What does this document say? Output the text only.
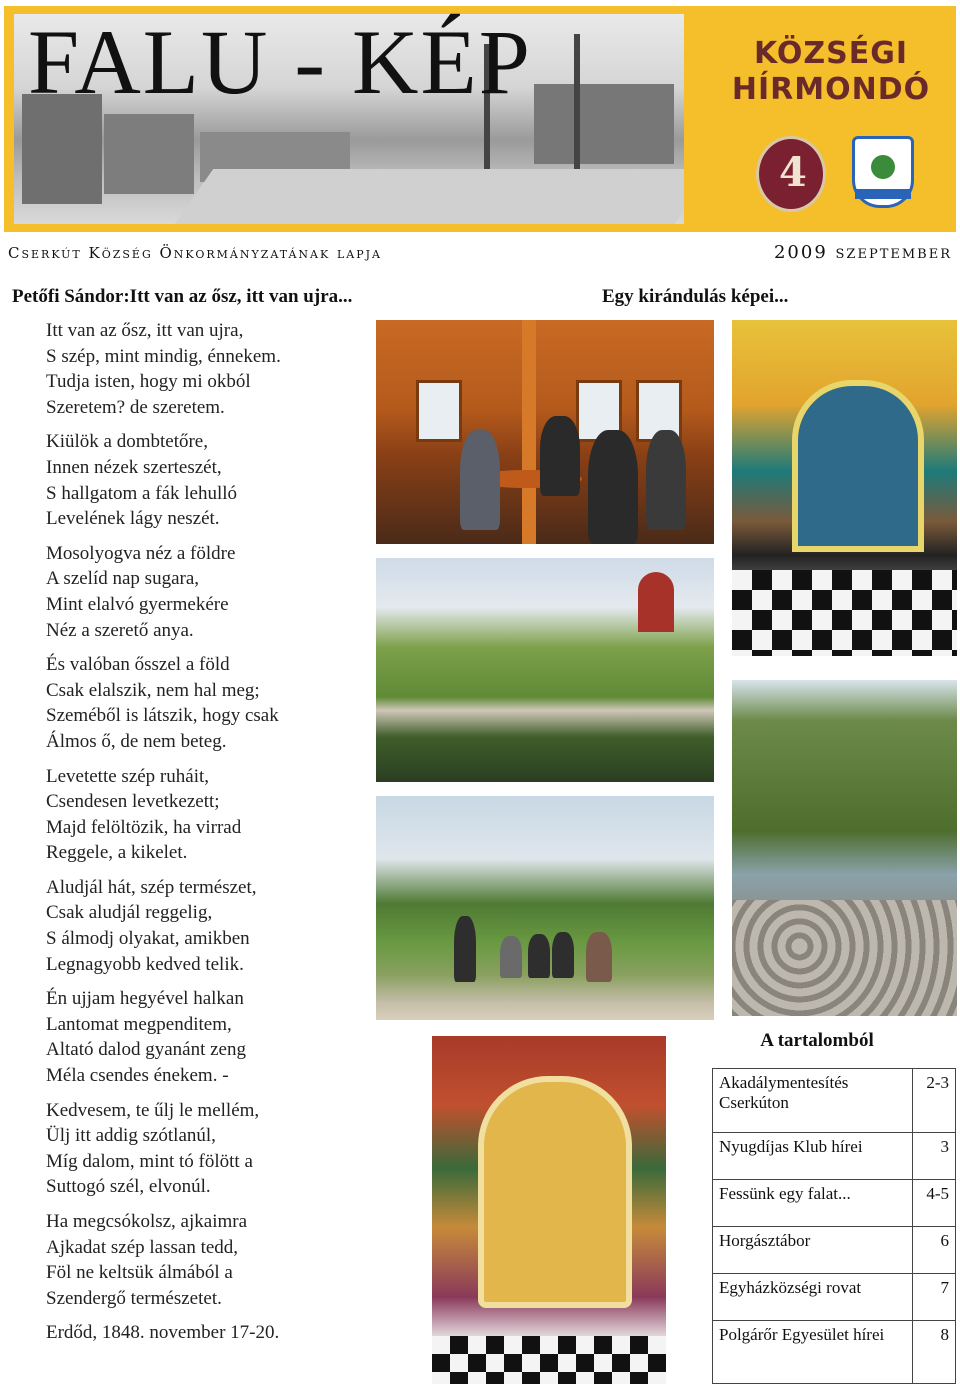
FALU - KÉP	KÖZSÉGI
HÍRMONDÓ
4
Cserkút Község Önkormányzatának lapja	2009 SZEPTEMBER
Petőfi Sándor:Itt van az ősz, itt van ujra...	Egy kirándulás képei...
Itt van az ősz, itt van ujra,
S szép, mint mindig, énnekem.
Tudja isten, hogy mi okból
Szeretem? de szeretem.
Kiülök a dombtetőre,
Innen nézek szerteszét,
S hallgatom a fák lehulló
Levelének lágy neszét.
Mosolyogva néz a földre
A szelíd nap sugara,
Mint elalvó gyermekére
Néz a szerető anya.
És valóban ősszel a föld
Csak elalszik, nem hal meg;
Szeméből is látszik, hogy csak
Álmos ő, de nem beteg.
Levetette szép ruháit,
Csendesen levetkezett;
Majd felöltözik, ha virrad
Reggele, a kikelet.
Aludjál hát, szép természet,
Csak aludjál reggelig,
S álmodj olyakat, amikben
Legnagyobb kedved telik.
Én ujjam hegyével halkan
Lantomat megpenditem,
Altató dalod gyanánt zeng
Méla csendes énekem. -
Kedvesem, te űlj le mellém,
Ülj itt addig szótlanúl,
Míg dalom, mint tó fölött a
Suttogó szél, elvonúl.
Ha megcsókolsz, ajkaimra
Ajkadat szép lassan tedd,
Föl ne keltsük álmából a
Szendergő természetet.
Erdőd, 1848. november 17-20.
A tartalomból
Akadálymentesítés Cserkúton	2-3
Nyugdíjas Klub hírei	3
Fessünk egy falat...	4-5
Horgásztábor	6
Egyházközségi rovat	7
Polgárőr Egyesület hírei	8
